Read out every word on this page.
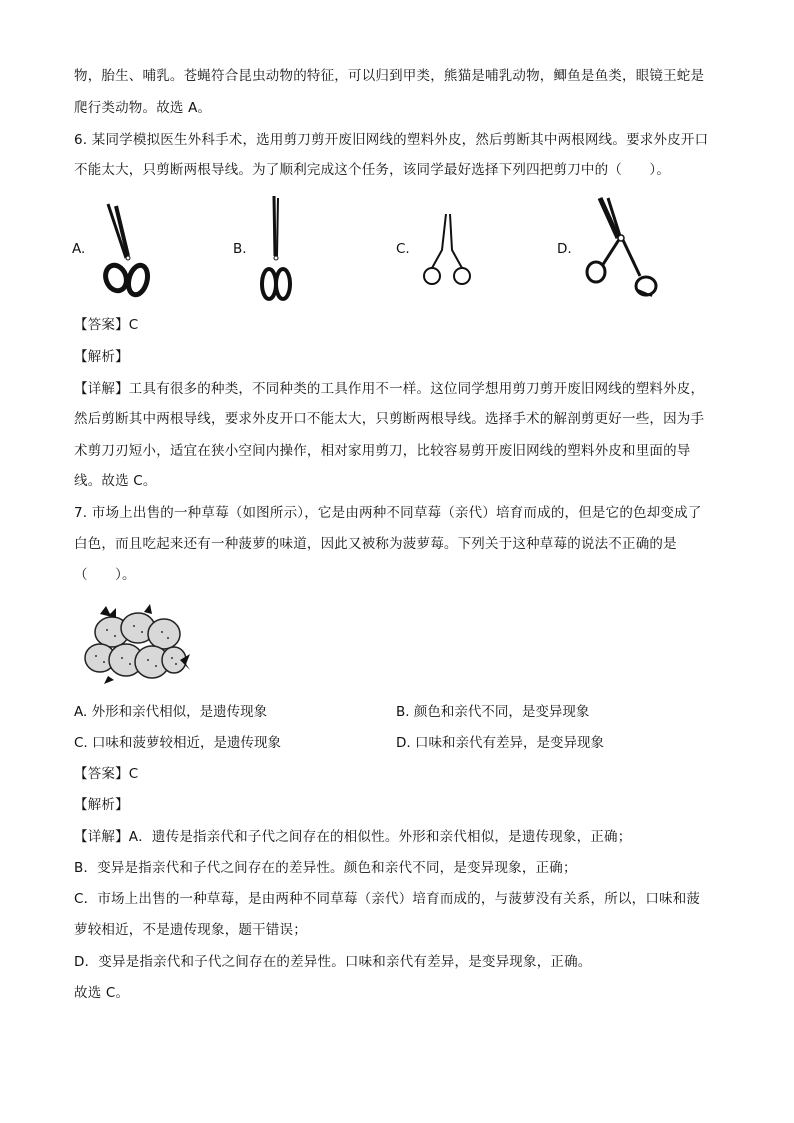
物，胎生、哺乳。苍蝇符合昆虫动物的特征，可以归到甲类，熊猫是哺乳动物，鲫鱼是鱼类，眼镜王蛇是
爬行类动物。故选 A。
6. 某同学模拟医生外科手术，选用剪刀剪开废旧网线的塑料外皮，然后剪断其中两根网线。要求外皮开口
不能太大，只剪断两根导线。为了顺利完成这个任务，该同学最好选择下列四把剪刀中的（　　）。
A.	B.	C.	D.
【答案】C
【解析】
【详解】工具有很多的种类，不同种类的工具作用不一样。这位同学想用剪刀剪开废旧网线的塑料外皮，
然后剪断其中两根导线，要求外皮开口不能太大，只剪断两根导线。选择手术的解剖剪更好一些，因为手
术剪刀刃短小，适宜在狭小空间内操作，相对家用剪刀，比较容易剪开废旧网线的塑料外皮和里面的导
线。故选 C。
7. 市场上出售的一种草莓（如图所示），它是由两种不同草莓（亲代）培育而成的，但是它的色却变成了
白色，而且吃起来还有一种菠萝的味道，因此又被称为菠萝莓。下列关于这种草莓的说法不正确的是
（　　）。
A. 外形和亲代相似，是遗传现象	B. 颜色和亲代不同，是变异现象
C. 口味和菠萝较相近，是遗传现象	D. 口味和亲代有差异，是变异现象
【答案】C
【解析】
【详解】A．遗传是指亲代和子代之间存在的相似性。外形和亲代相似，是遗传现象，正确；
B．变异是指亲代和子代之间存在的差异性。颜色和亲代不同，是变异现象，正确；
C．市场上出售的一种草莓，是由两种不同草莓（亲代）培育而成的，与菠萝没有关系，所以，口味和菠
萝较相近，不是遗传现象，题干错误；
D．变异是指亲代和子代之间存在的差异性。口味和亲代有差异，是变异现象，正确。
故选 C。
